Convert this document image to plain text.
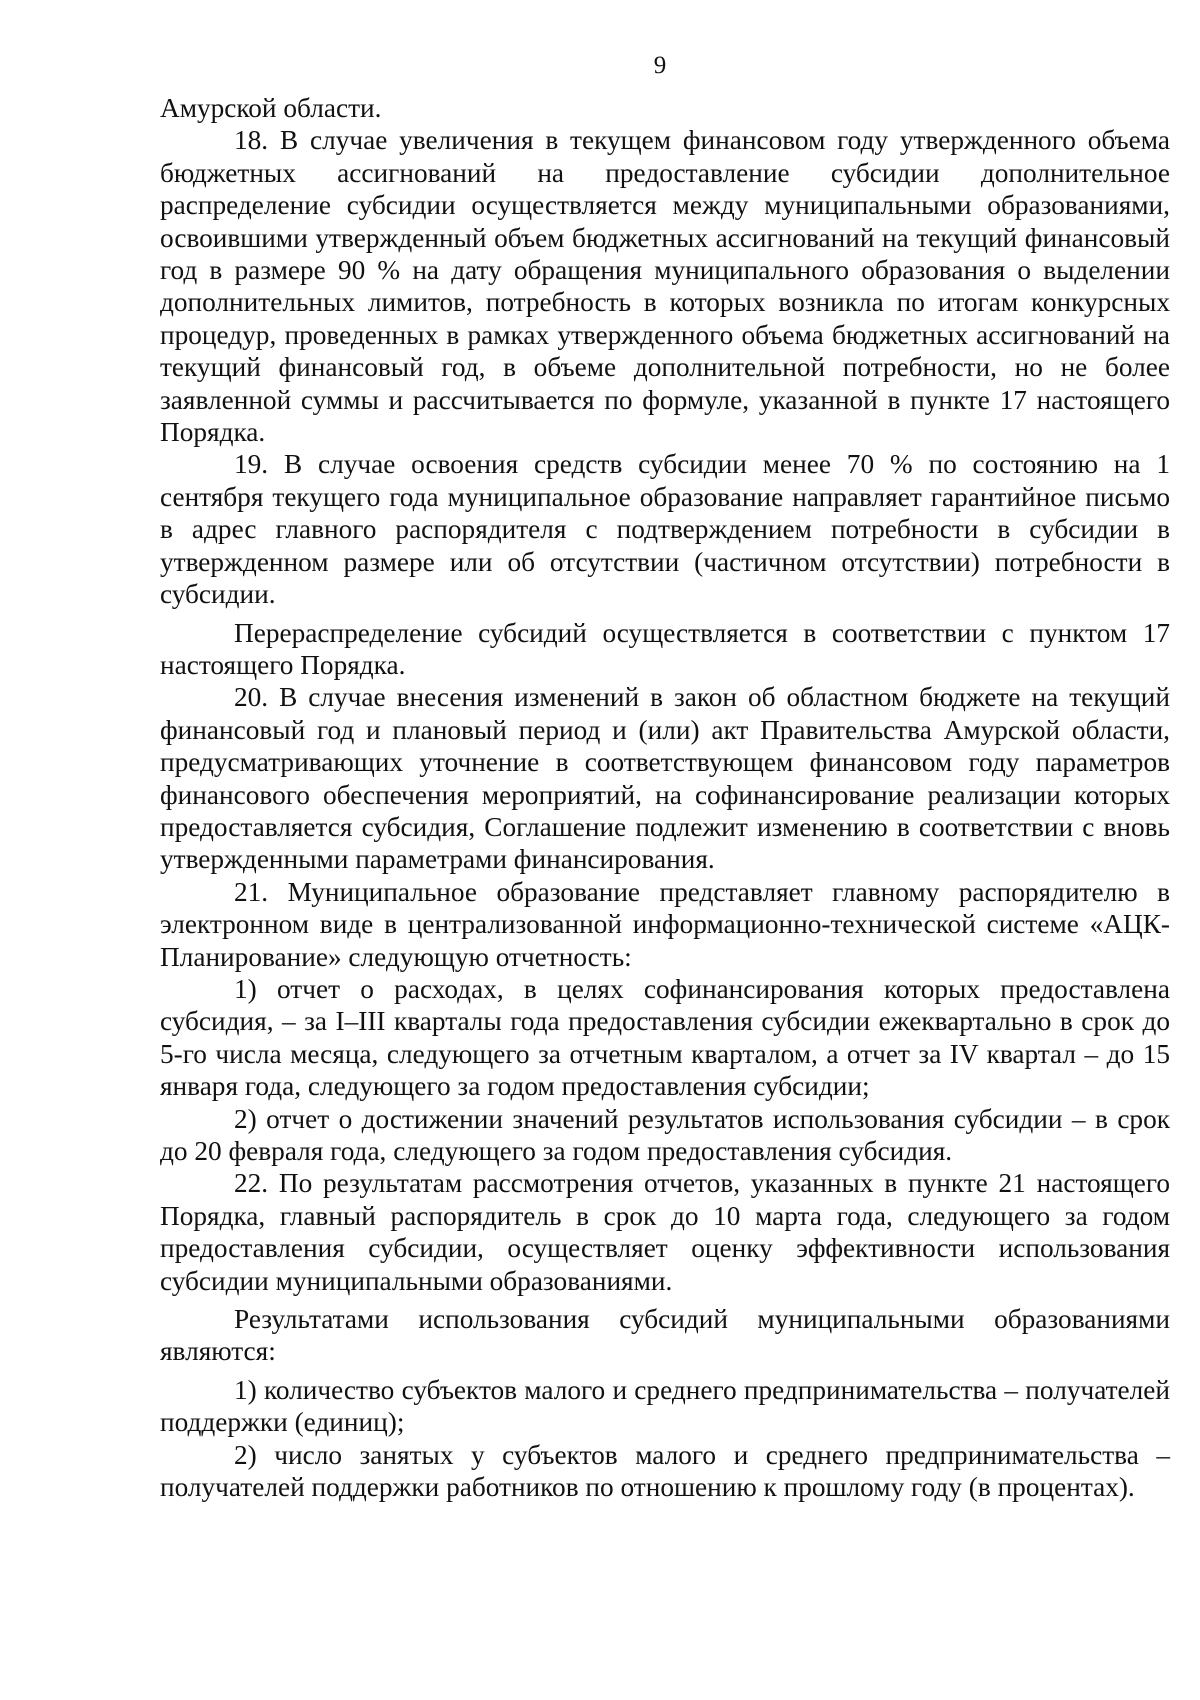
9

Амурской области.

18. В случае увеличения в текущем финансовом году утвержденного объема бюджетных ассигнований на предоставление субсидии дополнительное распределение субсидии осуществляется между муниципальными образованиями, освоившими утвержденный объем бюджетных ассигнований на текущий финансовый год в размере 90 % на дату обращения муниципального образования о выделении дополнительных лимитов, потребность в которых возникла по итогам конкурсных процедур, проведенных в рамках утвержденного объема бюджетных ассигнований на текущий финансовый год, в объеме дополнительной потребности, но не более заявленной суммы и рассчитывается по формуле, указанной в пункте 17 настоящего Порядка.

19. В случае освоения средств субсидии менее 70 % по состоянию на 1 сентября текущего года муниципальное образование направляет гарантийное письмо в адрес главного распорядителя с подтверждением потребности в субсидии в утвержденном размере или об отсутствии (частичном отсутствии) потребности в субсидии.

Перераспределение субсидий осуществляется в соответствии с пунктом 17 настоящего Порядка.

20. В случае внесения изменений в закон об областном бюджете на текущий финансовый год и плановый период и (или) акт Правительства Амурской области, предусматривающих уточнение в соответствующем финансовом году параметров финансового обеспечения мероприятий, на софинансирование реализации которых предоставляется субсидия, Соглашение подлежит изменению в соответствии с вновь утвержденными параметрами финансирования.

21. Муниципальное образование представляет главному распорядителю в электронном виде в централизованной информационно-технической системе «АЦК-Планирование» следующую отчетность:

1) отчет о расходах, в целях софинансирования которых предоставлена субсидия, – за I–III кварталы года предоставления субсидии ежеквартально в срок до 5-го числа месяца, следующего за отчетным кварталом, а отчет за IV квартал – до 15 января года, следующего за годом предоставления субсидии;

2) отчет о достижении значений результатов использования субсидии – в срок до 20 февраля года, следующего за годом предоставления субсидия.

22. По результатам рассмотрения отчетов, указанных в пункте 21 настоящего Порядка, главный распорядитель в срок до 10 марта года, следующего за годом предоставления субсидии, осуществляет оценку эффективности использования субсидии муниципальными образованиями.

Результатами использования субсидий муниципальными образованиями являются:

1) количество субъектов малого и среднего предпринимательства – получателей поддержки (единиц);

2) число занятых у субъектов малого и среднего предпринимательства – получателей поддержки работников по отношению к прошлому году (в процентах).
